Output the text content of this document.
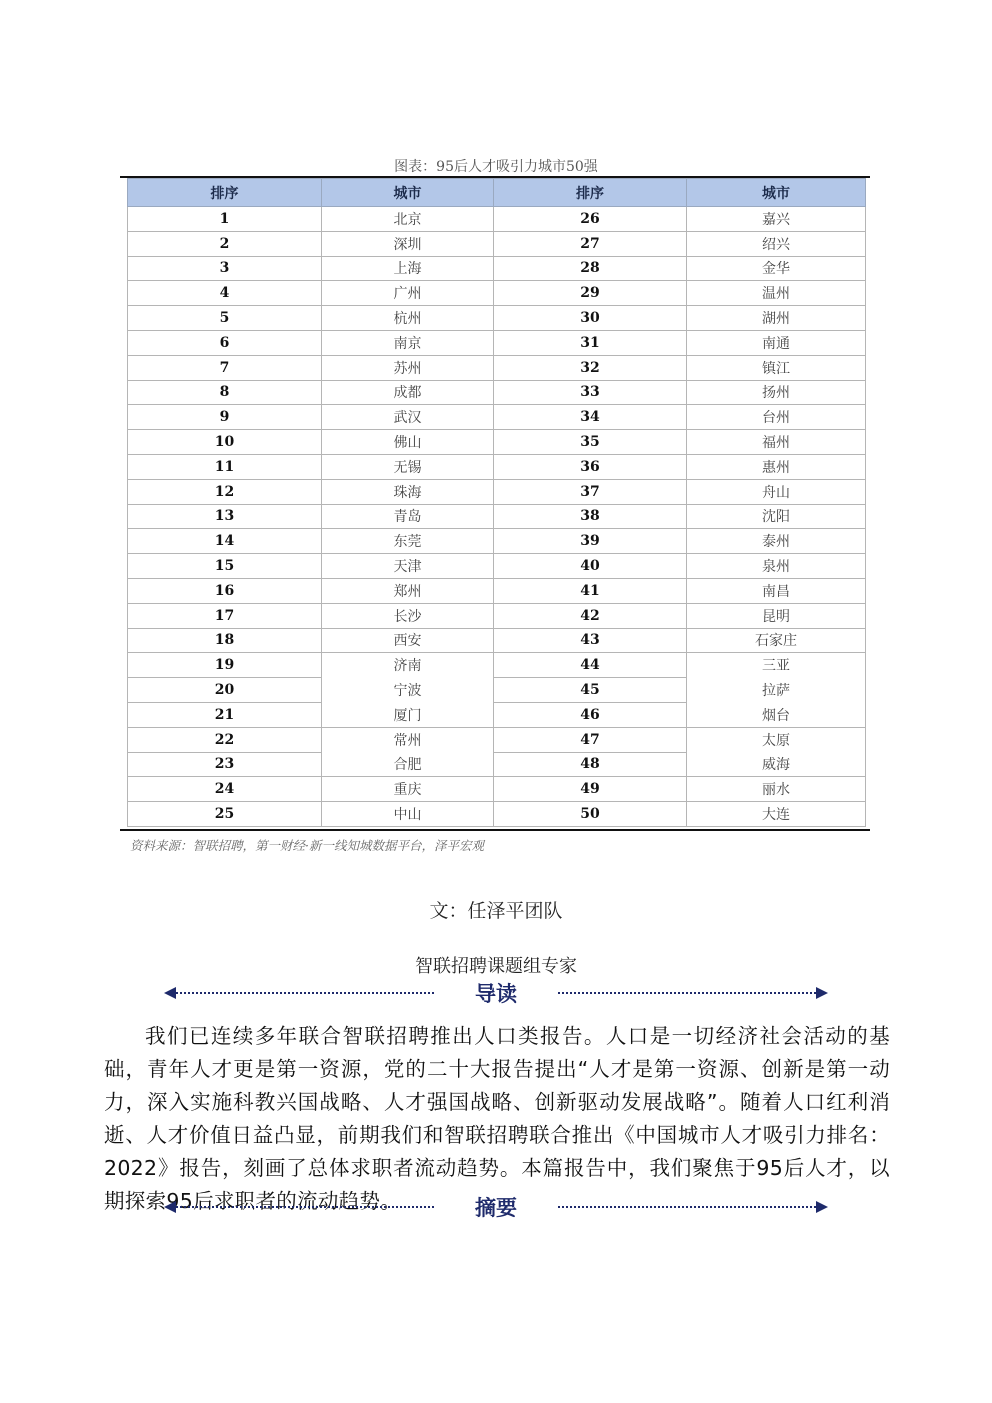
图表：95后人才吸引力城市50强
排序	城市	排序	城市
1	北京	26	嘉兴
2	深圳	27	绍兴
3	上海	28	金华
4	广州	29	温州
5	杭州	30	湖州
6	南京	31	南通
7	苏州	32	镇江
8	成都	33	扬州
9	武汉	34	台州
10	佛山	35	福州
11	无锡	36	惠州
12	珠海	37	舟山
13	青岛	38	沈阳
14	东莞	39	泰州
15	天津	40	泉州
16	郑州	41	南昌
17	长沙	42	昆明
18	西安	43	石家庄
19	济南	44	三亚
20	宁波	45	拉萨
21	厦门	46	烟台
22	常州	47	太原
23	合肥	48	威海
24	重庆	49	丽水
25	中山	50	大连
资料来源：智联招聘，第一财经·新一线知城数据平台，泽平宏观
文：任泽平团队
智联招聘课题组专家
导读
我们已连续多年联合智联招聘推出人口类报告。人口是一切经济社会活动的基础，青年人才更是第一资源，党的二十大报告提出“人才是第一资源、创新是第一动力，深入实施科教兴国战略、人才强国战略、创新驱动发展战略”。随着人口红利消逝、人才价值日益凸显，前期我们和智联招聘联合推出《中国城市人才吸引力排名：2022》报告，刻画了总体求职者流动趋势。本篇报告中，我们聚焦于95后人才，以期探索95后求职者的流动趋势。	摘要
